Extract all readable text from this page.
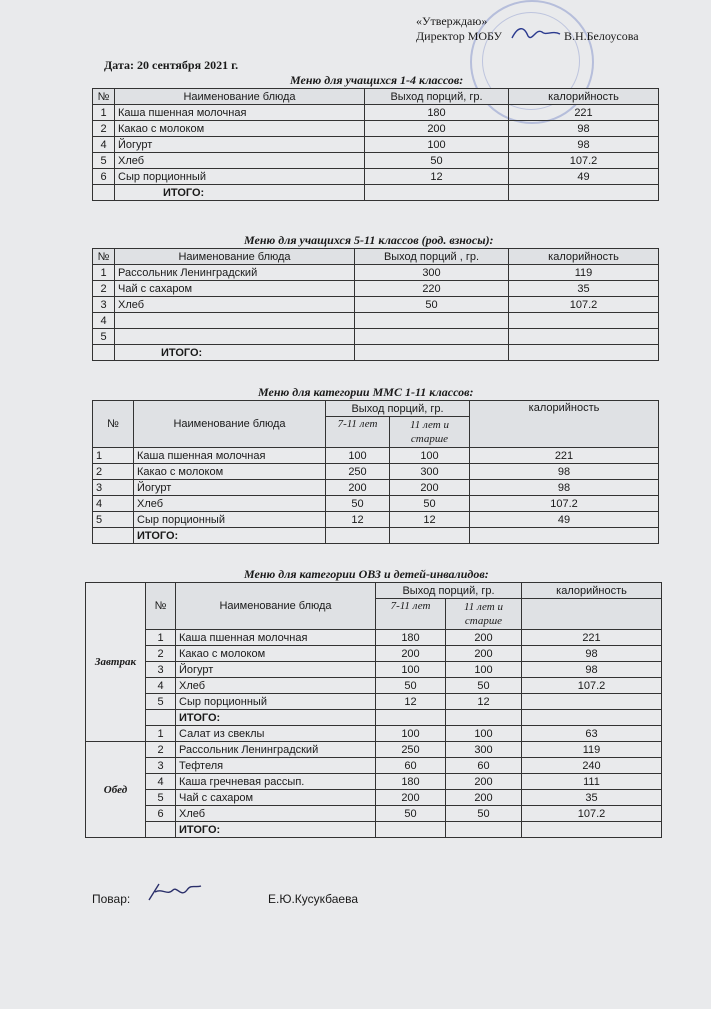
«Утверждаю»
Директор МОБУ	В.Н.Белоусова
Дата: 20 сентября 2021 г.
Меню для учащихся 1-4 классов:
№	Наименование блюда	Выход порций, гр.	калорийность
1	Каша пшенная молочная	180	221
2	Какао с молоком	200	98
4	Йогурт	100	98
5	Хлеб	50	107.2
6	Сыр порционный	12	49
	ИТОГО:		
Меню для учащихся 5-11 классов (род. взносы):
№	Наименование блюда	Выход порций , гр.	калорийность
1	Рассольник Ленинградский	300	119
2	Чай с сахаром	220	35
3	Хлеб	50	107.2
4			
5			
	ИТОГО:		
Меню для категории ММС 1-11 классов:
№	Наименование блюда	Выход порций, гр.		калорийность
		7-11 лет	11 лет и старше	
1	Каша пшенная молочная	100	100	221
2	Какао с молоком	250	300	98
3	Йогурт	200	200	98
4	Хлеб	50	50	107.2
5	Сыр порционный	12	12	49
	ИТОГО:			
Меню для категории ОВЗ и детей-инвалидов:
Завтрак	№	Наименование блюда	Выход порций, гр.		калорийность
			7-11 лет	11 лет и старше	
	1	Каша пшенная молочная	180	200	221
	2	Какао с молоком	200	200	98
	3	Йогурт	100	100	98
	4	Хлеб	50	50	107.2
	5	Сыр порционный	12	12	
		ИТОГО:			
	1	Салат из свеклы	100	100	63
Обед	2	Рассольник Ленинградский	250	300	119
	3	Тефтеля	60	60	240
	4	Каша гречневая рассып.	180	200	111
	5	Чай с сахаром	200	200	35
	6	Хлеб	50	50	107.2
		ИТОГО:			
Повар:	Е.Ю.Кусукбаева
